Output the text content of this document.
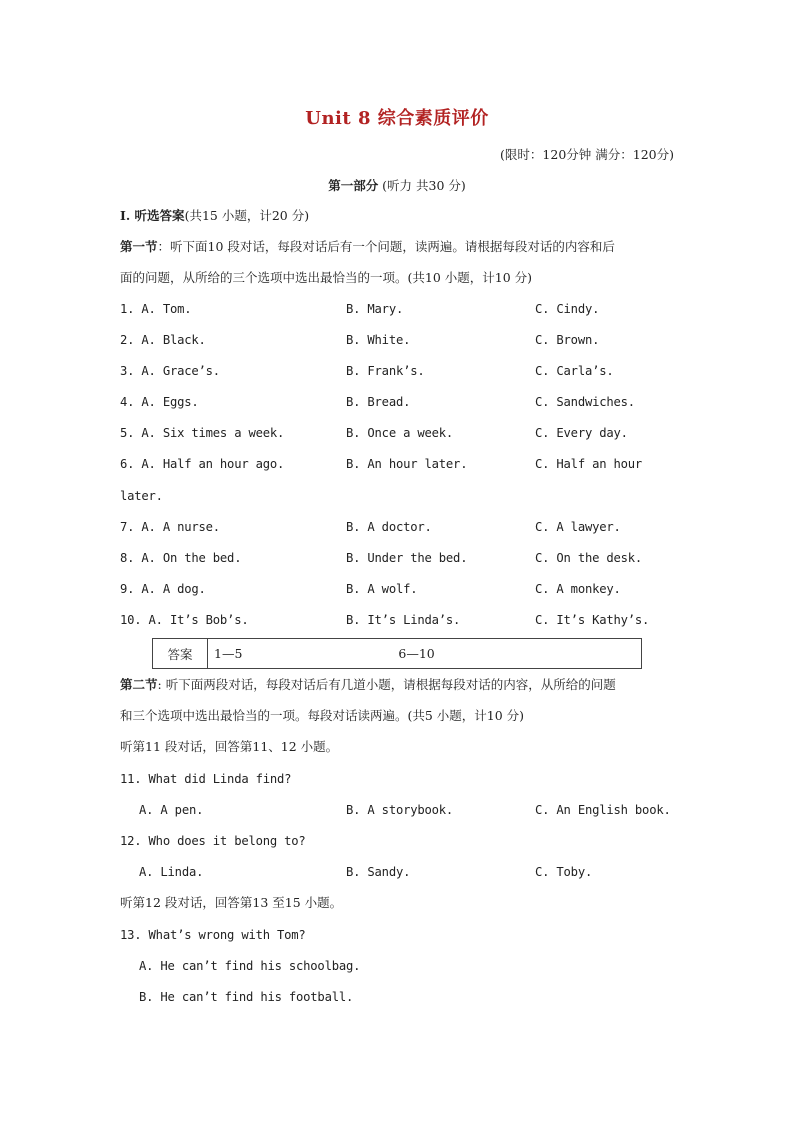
Unit 8 综合素质评价
(限时：120分钟 满分：120分)
第一部分 (听力 共30 分)
I. 听选答案(共15 小题，计20 分)
第一节：听下面10 段对话，每段对话后有一个问题，读两遍。请根据每段对话的内容和后
面的问题，从所给的三个选项中选出最恰当的一项。(共10 小题，计10 分)
1. A. Tom.	B. Mary.	C. Cindy.
2. A. Black.	B. White.	C. Brown.
3. A. Grace’s.	B. Frank’s.	C. Carla’s.
4. A. Eggs.	B. Bread.	C. Sandwiches.
5. A. Six times a week.	B. Once a week.	C. Every day.
6. A. Half an hour ago.	B. An hour later.	C. Half an hour
later.
7. A. A nurse.	B. A doctor.	C. A lawyer.
8. A. On the bed.	B. Under the bed.	C. On the desk.
9. A. A dog.	B. A wolf.	C. A monkey.
10. A. It’s Bob’s.	B. It’s Linda’s.	C. It’s Kathy’s.
答案	1—5	6—10
第二节: 听下面两段对话，每段对话后有几道小题，请根据每段对话的内容，从所给的问题
和三个选项中选出最恰当的一项。每段对话读两遍。(共5 小题，计10 分)
听第11 段对话，回答第11、12 小题。
11. What did Linda find?
A. A pen.	B. A storybook.	C. An English book.
12. Who does it belong to?
A. Linda.	B. Sandy.	C. Toby.
听第12 段对话，回答第13 至15 小题。
13. What’s wrong with Tom?
A. He can’t find his schoolbag.
B. He can’t find his football.
